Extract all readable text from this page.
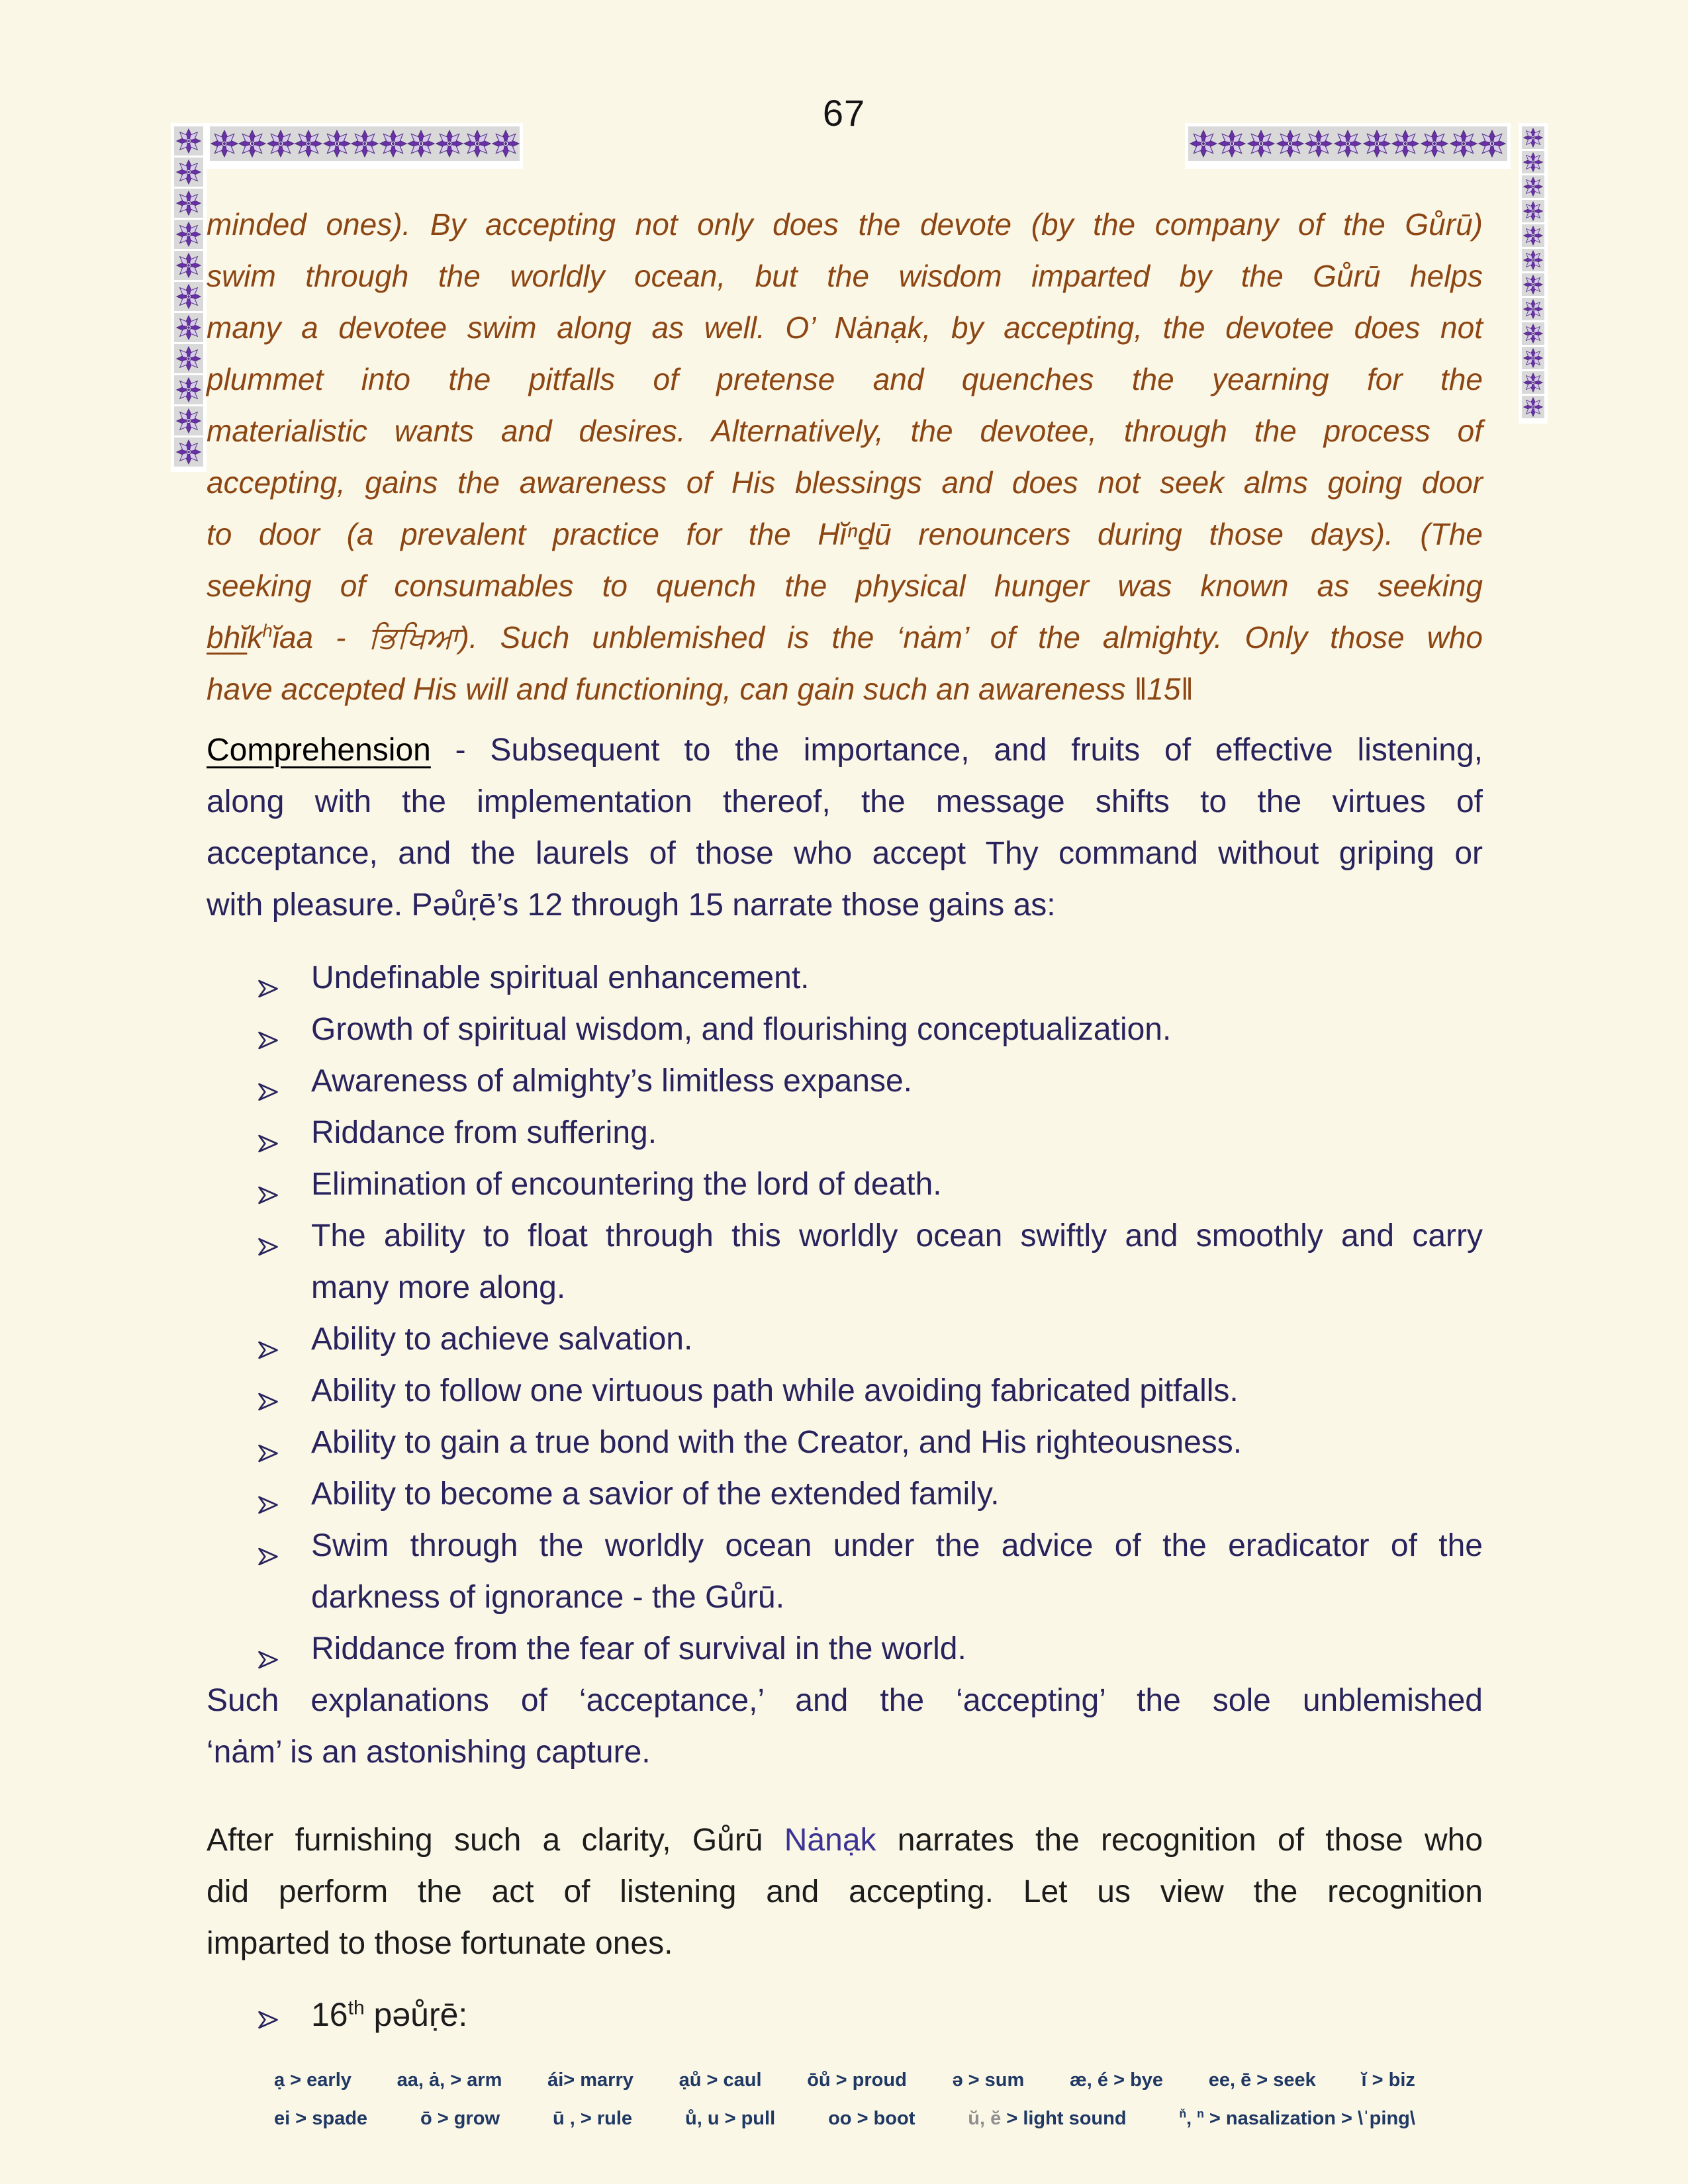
67
minded ones). By accepting not only does the devote (by the company of the Gůrū)
swim through the worldly ocean, but the wisdom imparted by the Gůrū helps
many a devotee swim along as well. O’ Nȧnạk, by accepting, the devotee does not
plummet into the pitfalls of pretense and quenches the yearning for the
materialistic wants and desires. Alternatively, the devotee, through the process of
accepting, gains the awareness of His blessings and does not seek alms going door
to door (a prevalent practice for the Hĭⁿḏū renouncers during those days). (The
seeking of consumables to quench the physical hunger was known as seeking
bhĭk$^h$ĭaa - ਭਿਖਿਆ). Such unblemished is the ‘nȧm’ of the almighty. Only those who
have accepted His will and functioning, can gain such an awareness ‖15‖
Comprehension - Subsequent to the importance, and fruits of effective listening,
along with the implementation thereof, the message shifts to the virtues of
acceptance, and the laurels of those who accept Thy command without griping or
with pleasure. Pəůṛē’s 12 through 15 narrate those gains as:
Undefinable spiritual enhancement.
Growth of spiritual wisdom, and flourishing conceptualization.
Awareness of almighty’s limitless expanse.
Riddance from suffering.
Elimination of encountering the lord of death.
The ability to float through this worldly ocean swiftly and smoothly and carry
many more along.
Ability to achieve salvation.
Ability to follow one virtuous path while avoiding fabricated pitfalls.
Ability to gain a true bond with the Creator, and His righteousness.
Ability to become a savior of the extended family.
Swim through the worldly ocean under the advice of the eradicator of the
darkness of ignorance - the Gůrū.
Riddance from the fear of survival in the world.
Such explanations of ‘acceptance,’ and the ‘accepting’ the sole unblemished
‘nȧm’ is an astonishing capture.
After furnishing such a clarity, Gůrū Nȧnạk narrates the recognition of those who
did perform the act of listening and accepting. Let us view the recognition
imparted to those fortunate ones.
16th pəůṛē:
ạ > early aa, ȧ, > arm ái> marry ạů > caul ōů > proud ə > sum æ, é > bye ee, ē > seek ĭ > biz
ei > spade	ō > grow	ū , > rule	ů, u > pull	oo > boot	ŭ, ĕ > light sound	$^ň$, $^n$ > nasalization > \ˈping\
